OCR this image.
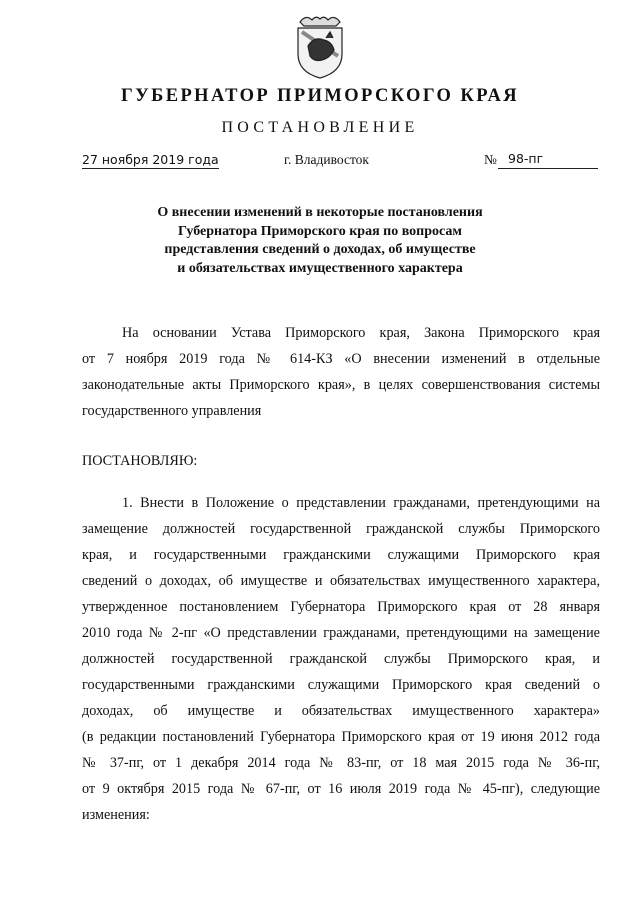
ГУБЕРНАТОР ПРИМОРСКОГО КРАЯ
ПОСТАНОВЛЕНИЕ
27 ноября 2019 года	г. Владивосток	№ 98-пг
О внесении изменений в некоторые постановления
Губернатора Приморского края по вопросам
представления сведений о доходах, об имуществе
и обязательствах имущественного характера
На основании Устава Приморского края, Закона Приморского края
от 7 ноября 2019 года № 614-КЗ «О внесении изменений в отдельные
законодательные акты Приморского края», в целях совершенствования системы
государственного управления
ПОСТАНОВЛЯЮ:
1. Внести в Положение о представлении гражданами, претендующими на
замещение должностей государственной гражданской службы Приморского
края, и государственными гражданскими служащими Приморского края
сведений о доходах, об имуществе и обязательствах имущественного характера,
утвержденное постановлением Губернатора Приморского края от 28 января
2010 года № 2-пг «О представлении гражданами, претендующими на замещение
должностей государственной гражданской службы Приморского края, и
государственными гражданскими служащими Приморского края сведений о
доходах, об имуществе и обязательствах имущественного характера»
(в редакции постановлений Губернатора Приморского края от 19 июня 2012 года
№ 37-пг, от 1 декабря 2014 года № 83-пг, от 18 мая 2015 года № 36-пг,
от 9 октября 2015 года № 67-пг, от 16 июля 2019 года № 45-пг), следующие
изменения:
